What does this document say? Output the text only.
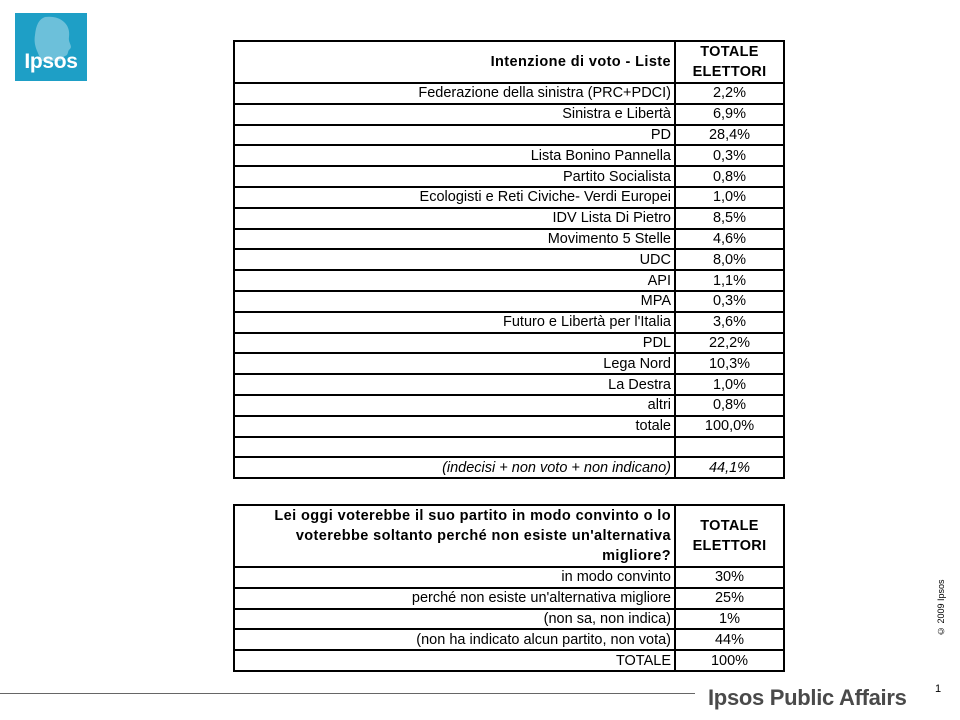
Ipsos	Intenzione di voto - Liste	TOTALE
ELETTORI
Federazione della sinistra (PRC+PDCI)	2,2%
Sinistra e Libertà	6,9%
PD	28,4%
Lista Bonino Pannella	0,3%
Partito Socialista	0,8%
Ecologisti e Reti Civiche- Verdi Europei	1,0%
IDV Lista Di Pietro	8,5%
Movimento 5 Stelle	4,6%
UDC	8,0%
API	1,1%
MPA	0,3%
Futuro e Libertà per l'Italia	3,6%
PDL	22,2%
Lega Nord	10,3%
La Destra	1,0%
altri	0,8%
totale	100,0%

(indecisi + non voto + non indicano)	44,1%
Lei oggi voterebbe il suo partito in modo convinto o lo
voterebbe soltanto perché non esiste un'alternativa
migliore?	TOTALE
ELETTORI
in modo convinto	30%
perché non esiste un'alternativa migliore	25%
(non sa, non indica)	1%
(non ha indicato alcun partito, non vota)	44%
TOTALE	100%
© 2009 Ipsos
1
Ipsos Public Affairs
